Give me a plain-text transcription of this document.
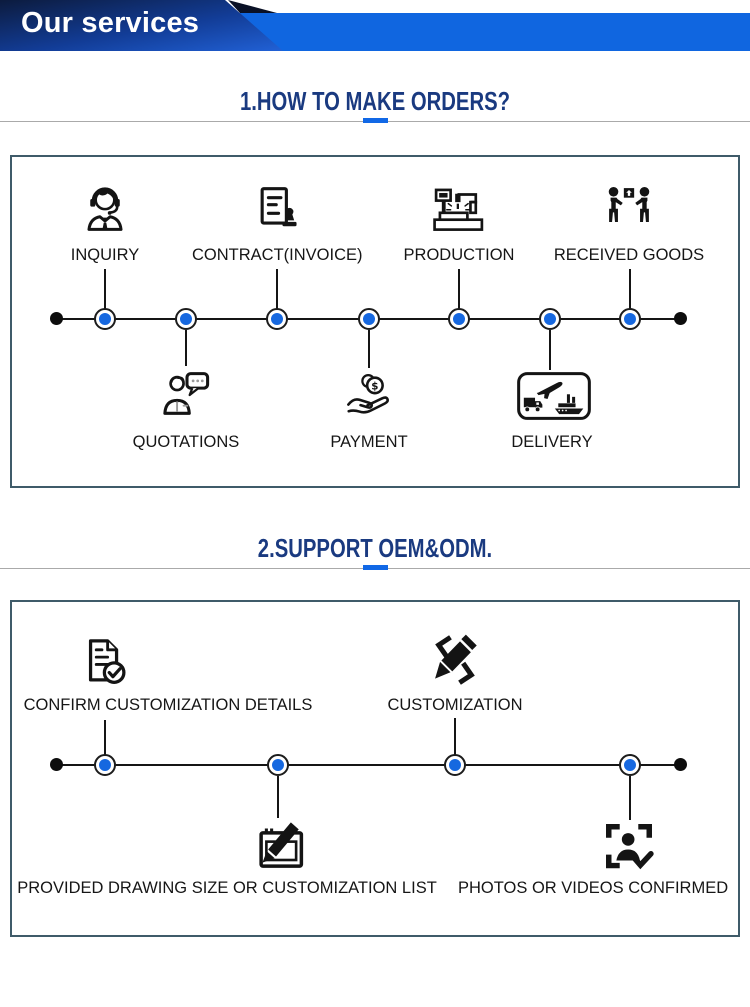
Our services
1.HOW TO MAKE ORDERS?
INQUIRY	CONTRACT(INVOICE)	PRODUCTION	RECEIVED GOODS
$
QUOTATIONS	PAYMENT	DELIVERY
2.SUPPORT OEM&ODM.
CONFIRM CUSTOMIZATION DETAILS	CUSTOMIZATION
PROVIDED DRAWING SIZE OR CUSTOMIZATION LIST PHOTOS OR VIDEOS CONFIRMED
